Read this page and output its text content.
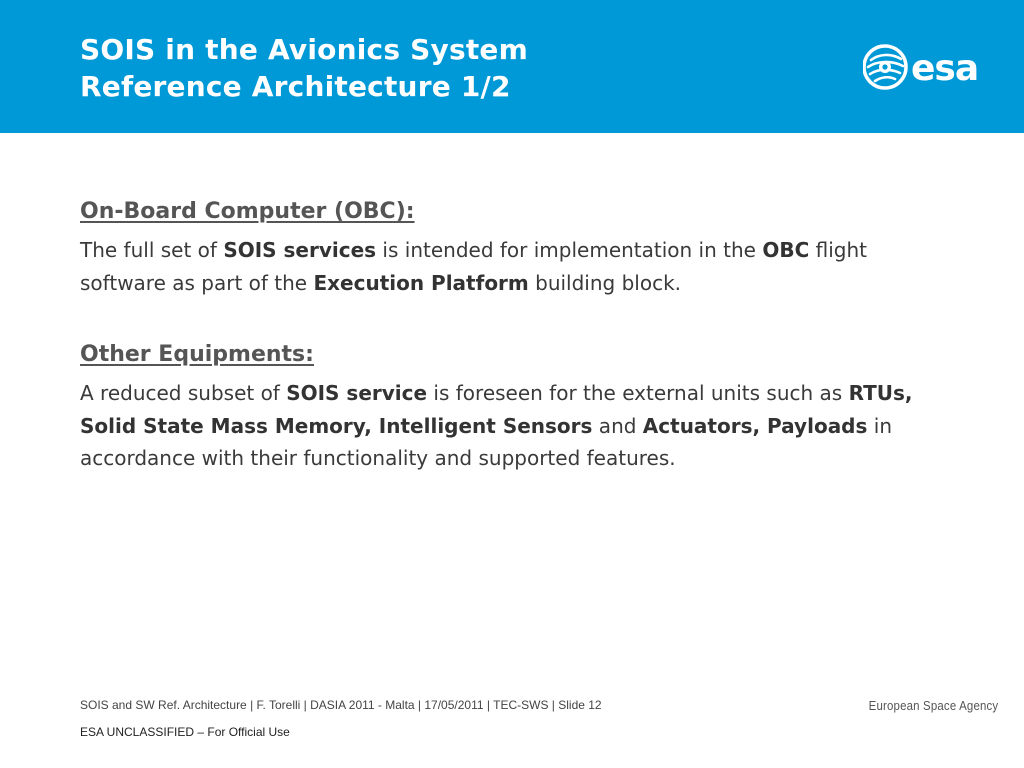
SOIS in the Avionics System
Reference Architecture 1/2	esa
On-Board Computer (OBC):

The full set of SOIS services is intended for implementation in the OBC flight software as part of the Execution Platform building block.

Other Equipments:

A reduced subset of SOIS service is foreseen for the external units such as RTUs, Solid State Mass Memory, Intelligent Sensors and Actuators, Payloads in accordance with their functionality and supported features.

SOIS and SW Ref. Architecture | F. Torelli | DASIA 2011 - Malta | 17/05/2011 | TEC-SWS | Slide 12
ESA UNCLASSIFIED – For Official Use
European Space Agency
